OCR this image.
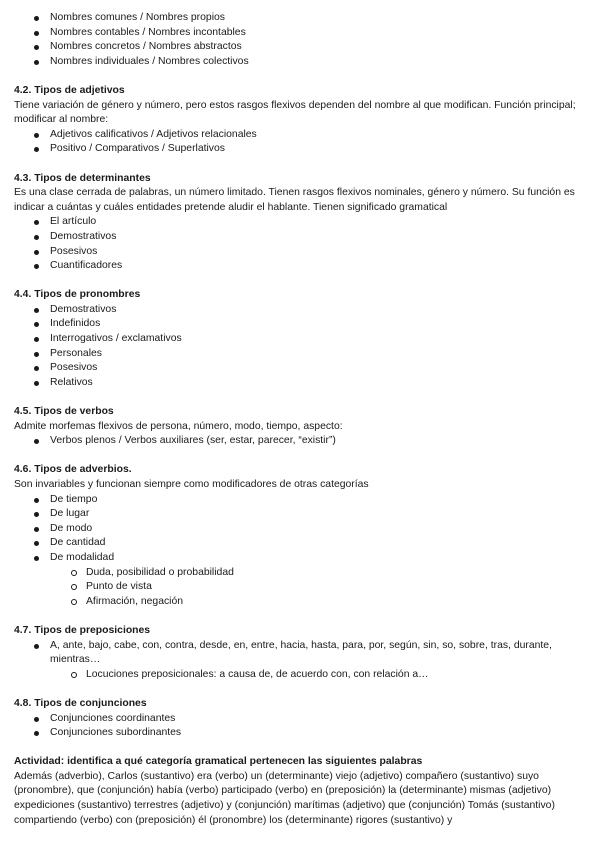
Nombres comunes / Nombres propios
Nombres contables / Nombres incontables
Nombres concretos / Nombres abstractos
Nombres individuales / Nombres colectivos
4.2. Tipos de adjetivos

Tiene variación de género y número, pero estos rasgos flexivos dependen del nombre al que modifican. Función principal; modificar al nombre:

Adjetivos calificativos / Adjetivos relacionales
Positivo / Comparativos / Superlativos
4.3. Tipos de determinantes

Es una clase cerrada de palabras, un número limitado. Tienen rasgos flexivos nominales, género y número. Su función es indicar a cuántas y cuáles entidades pretende aludir el hablante. Tienen significado gramatical

El artículo
Demostrativos
Posesivos
Cuantificadores
4.4. Tipos de pronombres
Demostrativos
Indefinidos
Interrogativos / exclamativos
Personales
Posesivos
Relativos
4.5. Tipos de verbos

Admite morfemas flexivos de persona, número, modo, tiempo, aspecto:

Verbos plenos / Verbos auxiliares (ser, estar, parecer, “existir”)
4.6. Tipos de adverbios.

Son invariables y funcionan siempre como modificadores de otras categorías

De tiempo
De lugar
De modo
De cantidad
De modalidad
Duda, posibilidad o probabilidad
Punto de vista
Afirmación, negación
4.7. Tipos de preposiciones
A, ante, bajo, cabe, con, contra, desde, en, entre, hacia, hasta, para, por, según, sin, so, sobre, tras, durante, mientras…
Locuciones preposicionales: a causa de, de acuerdo con, con relación a…
4.8. Tipos de conjunciones
Conjunciones coordinantes
Conjunciones subordinantes
Actividad: identifica a qué categoría gramatical pertenecen las siguientes palabras

Además (adverbio), Carlos (sustantivo) era (verbo) un (determinante) viejo (adjetivo) compañero (sustantivo) suyo (pronombre), que (conjunción) había (verbo) participado (verbo) en (preposición) la (determinante) mismas (adjetivo) expediciones (sustantivo) terrestres (adjetivo) y (conjunción) marítimas (adjetivo) que (conjunción) Tomás (sustantivo) compartiendo (verbo) con (preposición) él (pronombre) los (determinante) rigores (sustantivo) y
